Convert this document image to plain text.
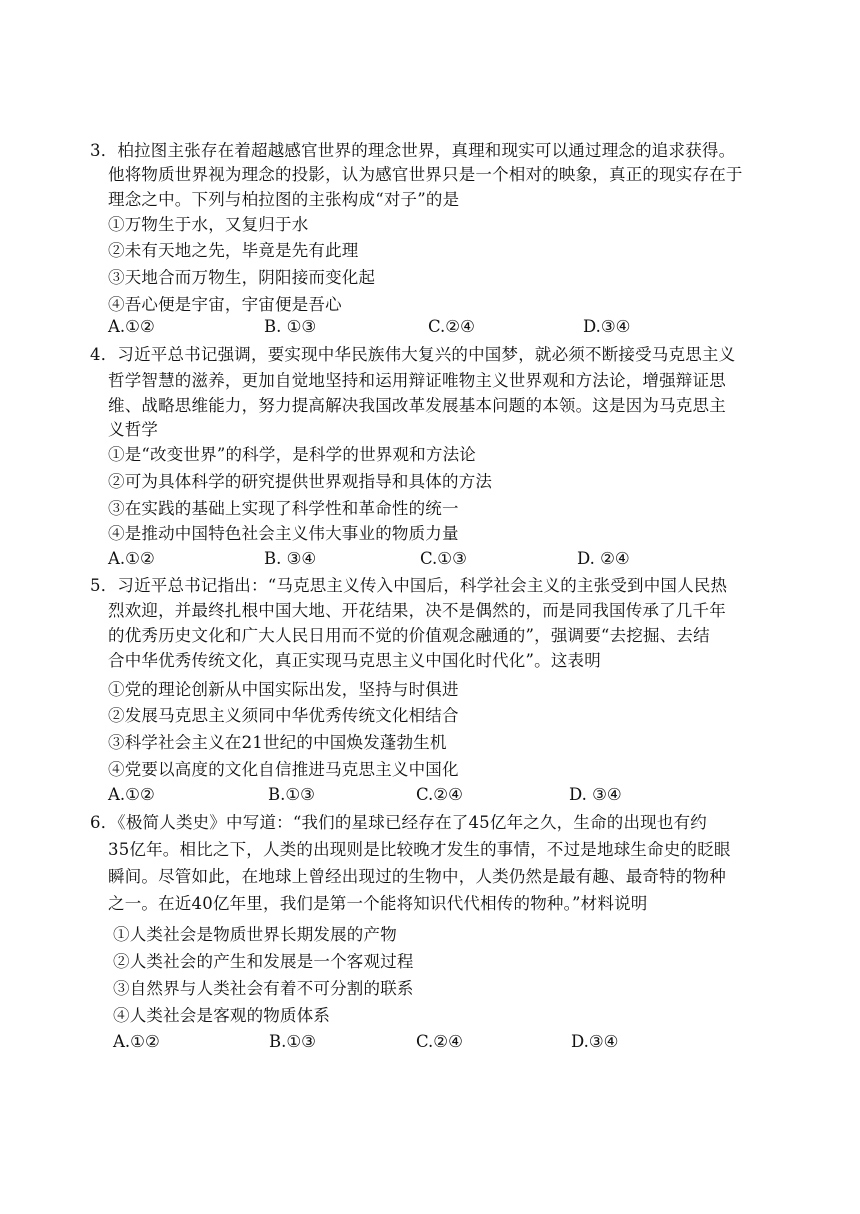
3．柏拉图主张存在着超越感官世界的理念世界，真理和现实可以通过理念的追求获得。
他将物质世界视为理念的投影，认为感官世界只是一个相对的映象，真正的现实存在于
理念之中。下列与柏拉图的主张构成“对子”的是
①万物生于水，又复归于水
②未有天地之先，毕竟是先有此理
③天地合而万物生，阴阳接而变化起
④吾心便是宇宙，宇宙便是吾心
A.①②	B. ①③	C.②④	D.③④
4．习近平总书记强调，要实现中华民族伟大复兴的中国梦，就必须不断接受马克思主义
哲学智慧的滋养，更加自觉地坚持和运用辩证唯物主义世界观和方法论，增强辩证思
维、战略思维能力，努力提高解决我国改革发展基本问题的本领。这是因为马克思主
义哲学
①是“改变世界”的科学，是科学的世界观和方法论
②可为具体科学的研究提供世界观指导和具体的方法
③在实践的基础上实现了科学性和革命性的统一
④是推动中国特色社会主义伟大事业的物质力量
A.①②	B. ③④	C.①③	D. ②④
5．习近平总书记指出：“马克思主义传入中国后，科学社会主义的主张受到中国人民热
烈欢迎，并最终扎根中国大地、开花结果，决不是偶然的，而是同我国传承了几千年
的优秀历史文化和广大人民日用而不觉的价值观念融通的”，强调要“去挖掘、去结
合中华优秀传统文化，真正实现马克思主义中国化时代化”。这表明
①党的理论创新从中国实际出发，坚持与时俱进
②发展马克思主义须同中华优秀传统文化相结合
③科学社会主义在21世纪的中国焕发蓬勃生机
④党要以高度的文化自信推进马克思主义中国化
A.①②	B.①③	C.②④	D. ③④
6．《极简人类史》中写道：“我们的星球已经存在了45亿年之久，生命的出现也有约
35亿年。相比之下，人类的出现则是比较晚才发生的事情，不过是地球生命史的眨眼
瞬间。尽管如此，在地球上曾经出现过的生物中，人类仍然是最有趣、最奇特的物种
之一。在近40亿年里，我们是第一个能将知识代代相传的物种。”材料说明
①人类社会是物质世界长期发展的产物
②人类社会的产生和发展是一个客观过程
③自然界与人类社会有着不可分割的联系
④人类社会是客观的物质体系
A.①②	B.①③	C.②④	D.③④
